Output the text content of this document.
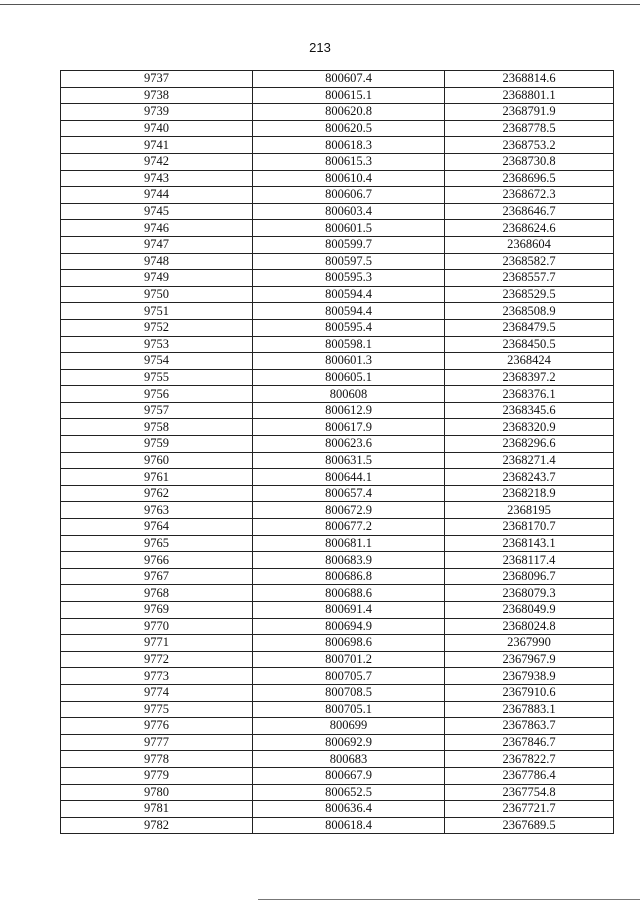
213
9737	800607.4	2368814.6
9738	800615.1	2368801.1
9739	800620.8	2368791.9
9740	800620.5	2368778.5
9741	800618.3	2368753.2
9742	800615.3	2368730.8
9743	800610.4	2368696.5
9744	800606.7	2368672.3
9745	800603.4	2368646.7
9746	800601.5	2368624.6
9747	800599.7	2368604
9748	800597.5	2368582.7
9749	800595.3	2368557.7
9750	800594.4	2368529.5
9751	800594.4	2368508.9
9752	800595.4	2368479.5
9753	800598.1	2368450.5
9754	800601.3	2368424
9755	800605.1	2368397.2
9756	800608	2368376.1
9757	800612.9	2368345.6
9758	800617.9	2368320.9
9759	800623.6	2368296.6
9760	800631.5	2368271.4
9761	800644.1	2368243.7
9762	800657.4	2368218.9
9763	800672.9	2368195
9764	800677.2	2368170.7
9765	800681.1	2368143.1
9766	800683.9	2368117.4
9767	800686.8	2368096.7
9768	800688.6	2368079.3
9769	800691.4	2368049.9
9770	800694.9	2368024.8
9771	800698.6	2367990
9772	800701.2	2367967.9
9773	800705.7	2367938.9
9774	800708.5	2367910.6
9775	800705.1	2367883.1
9776	800699	2367863.7
9777	800692.9	2367846.7
9778	800683	2367822.7
9779	800667.9	2367786.4
9780	800652.5	2367754.8
9781	800636.4	2367721.7
9782	800618.4	2367689.5
